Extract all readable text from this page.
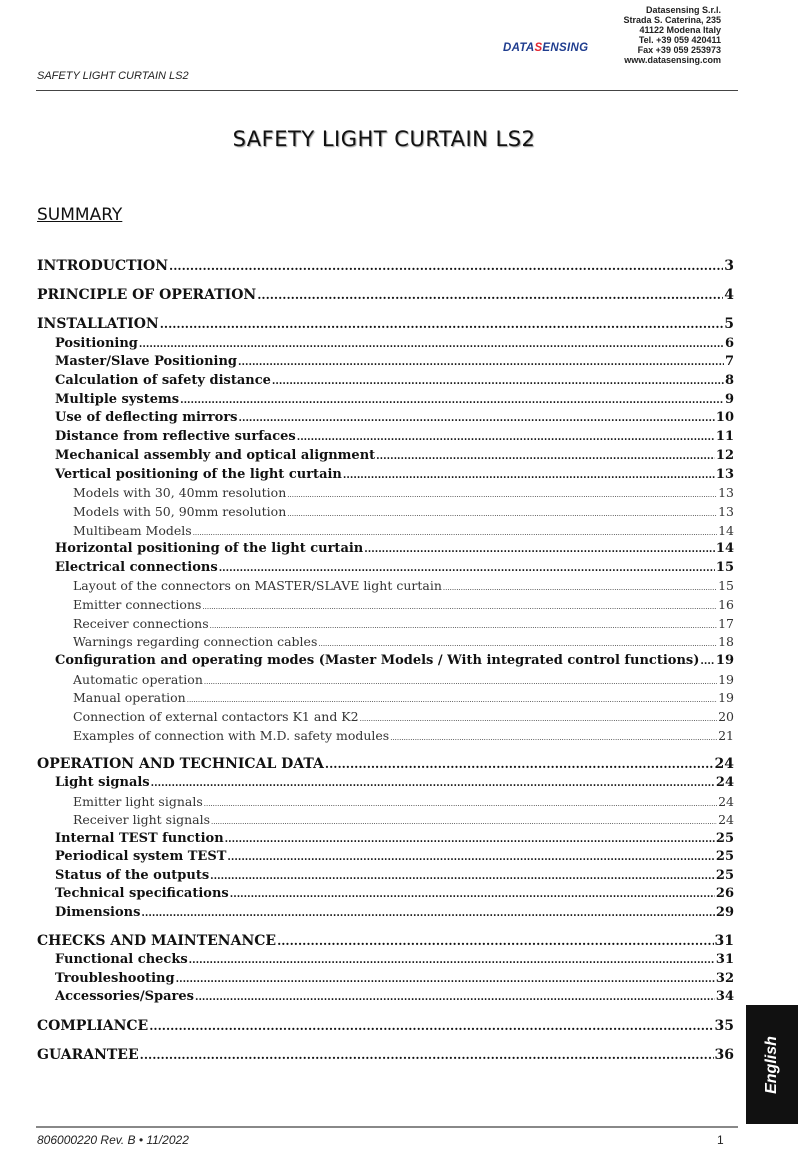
Datasensing S.r.l.
Strada S. Caterina, 235
41122 Modena Italy
Tel. +39 059 420411
Fax +39 059 253973
www.datasensing.com
DATASENSING
SAFETY LIGHT CURTAIN LS2
SAFETY LIGHT CURTAIN LS2
SUMMARY
INTRODUCTION .....	3
PRINCIPLE OF OPERATION .....	4
INSTALLATION .....	5
Positioning .....	6
Master/Slave Positioning .....	7
Calculation of safety distance .....	8
Multiple systems .....	9
Use of deflecting mirrors .....	10
Distance from reflective surfaces .....	11
Mechanical assembly and optical alignment .....	12
Vertical positioning of the light curtain .....	13
Models with 30, 40mm resolution .....	13
Models with 50, 90mm resolution .....	13
Multibeam Models .....	14
Horizontal positioning of the light curtain .....	14
Electrical connections .....	15
Layout of the connectors on MASTER/SLAVE light curtain .....	15
Emitter connections .....	16
Receiver connections .....	17
Warnings regarding connection cables .....	18
Configuration and operating modes (Master Models / With integrated control functions) ..... 19
Automatic operation .....	19
Manual operation .....	19
Connection of external contactors K1 and K2 .....	20
Examples of connection with M.D. safety modules .....	21
OPERATION AND TECHNICAL DATA .....	24
Light signals .....	24
Emitter light signals .....	24
Receiver light signals .....	24
Internal TEST function .....	25
Periodical system TEST .....	25
Status of the outputs .....	25
Technical specifications .....	26
Dimensions .....	29
CHECKS AND MAINTENANCE .....	31
Functional checks .....	31
Troubleshooting .....	32
Accessories/Spares .....	34
COMPLIANCE .....	35
GUARANTEE .....	36 English
806000220 Rev. B • 11/2022	1
